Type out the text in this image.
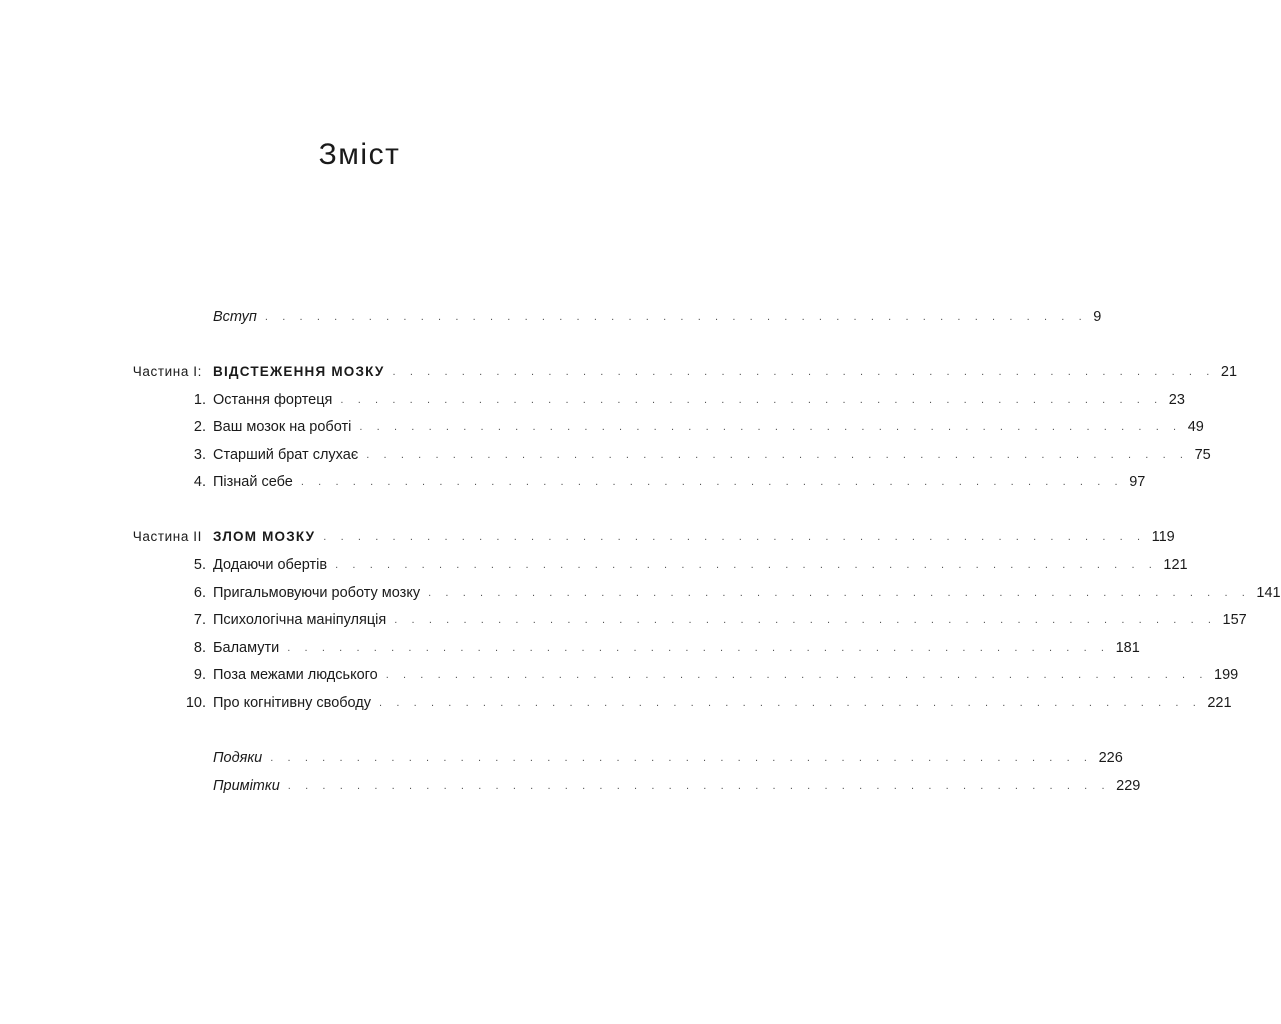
Зміст
Вступ . . . . . . . . . . . . . . . . . . . . . . . . . . . . . . . . . . . . . . . . . . . . . . . . 9
Частина I: ВІДСТЕЖЕННЯ МОЗКУ . . . . . . . . . . . . . . . . . . . . . . . . . . . . . . . . . . . . . . . . . . . . . . . . 21
1. Остання фортеця . . . . . . . . . . . . . . . . . . . . . . . . . . . . . . . . . . . . . . . . . . . . . . . . 23
2. Ваш мозок на роботі . . . . . . . . . . . . . . . . . . . . . . . . . . . . . . . . . . . . . . . . . . . . . . . . 49
3. Старший брат слухає . . . . . . . . . . . . . . . . . . . . . . . . . . . . . . . . . . . . . . . . . . . . . . . . 75
4. Пізнай себе . . . . . . . . . . . . . . . . . . . . . . . . . . . . . . . . . . . . . . . . . . . . . . . . 97
Частина II ЗЛОМ МОЗКУ . . . . . . . . . . . . . . . . . . . . . . . . . . . . . . . . . . . . . . . . . . . . . . . . 119
5. Додаючи обертів . . . . . . . . . . . . . . . . . . . . . . . . . . . . . . . . . . . . . . . . . . . . . . . . 121
6. Пригальмовуючи роботу мозку . . . . . . . . . . . . . . . . . . . . . . . . . . . . . . . . . . . . . . . . . . . . . . . . 141
7. Психологічна маніпуляція . . . . . . . . . . . . . . . . . . . . . . . . . . . . . . . . . . . . . . . . . . . . . . . . 157
8. Баламути . . . . . . . . . . . . . . . . . . . . . . . . . . . . . . . . . . . . . . . . . . . . . . . . 181
9. Поза межами людського . . . . . . . . . . . . . . . . . . . . . . . . . . . . . . . . . . . . . . . . . . . . . . . . 199
10. Про когнітивну свободу . . . . . . . . . . . . . . . . . . . . . . . . . . . . . . . . . . . . . . . . . . . . . . . . 221
Подяки . . . . . . . . . . . . . . . . . . . . . . . . . . . . . . . . . . . . . . . . . . . . . . . . 226
Примітки . . . . . . . . . . . . . . . . . . . . . . . . . . . . . . . . . . . . . . . . . . . . . . . . 229
